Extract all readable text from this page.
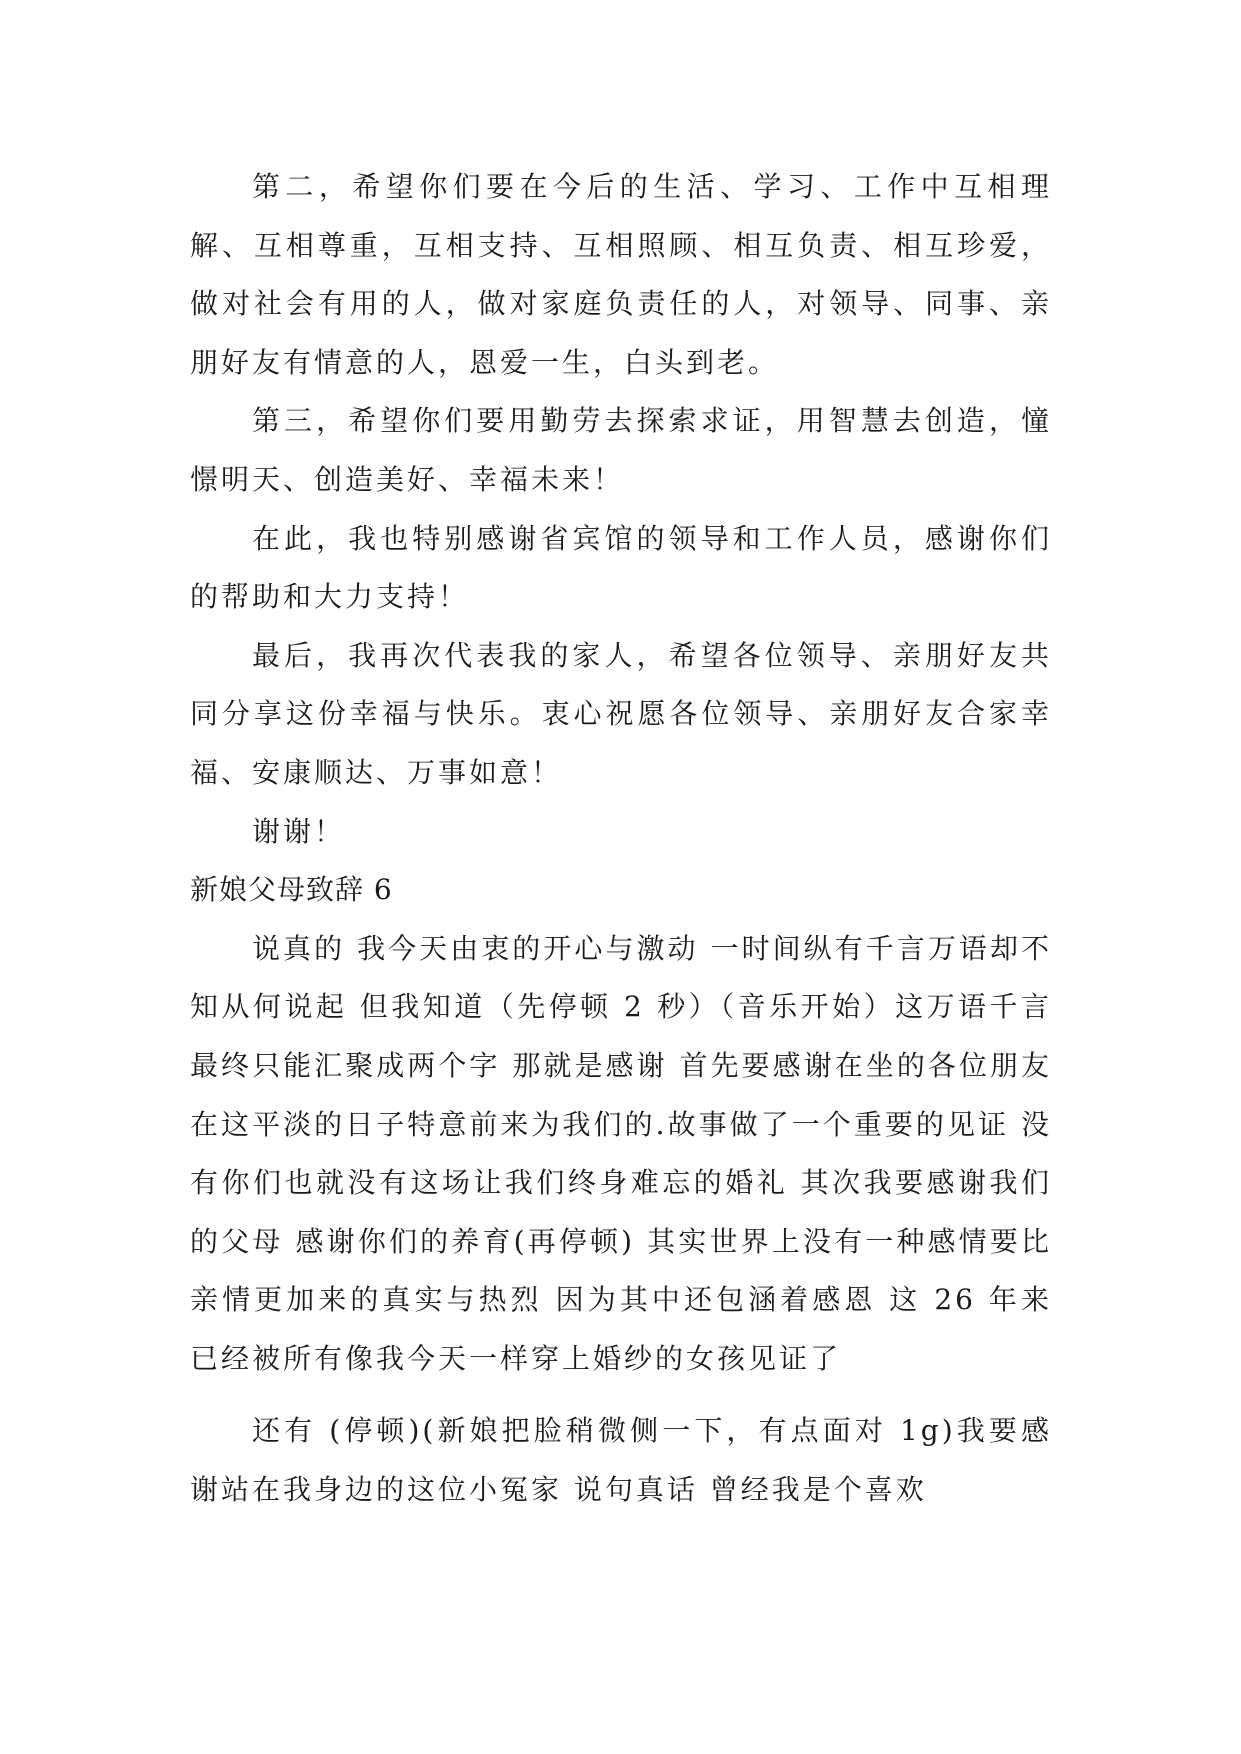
第二，希望你们要在今后的生活、学习、工作中互相理解、互相尊重，互相支持、互相照顾、相互负责、相互珍爱，做对社会有用的人，做对家庭负责任的人，对领导、同事、亲朋好友有情意的人，恩爱一生，白头到老。

第三，希望你们要用勤劳去探索求证，用智慧去创造，憧憬明天、创造美好、幸福未来！

在此，我也特别感谢省宾馆的领导和工作人员，感谢你们的帮助和大力支持！

最后，我再次代表我的家人，希望各位领导、亲朋好友共同分享这份幸福与快乐。衷心祝愿各位领导、亲朋好友合家幸福、安康顺达、万事如意！

谢谢！

新娘父母致辞 6

说真的 我今天由衷的开心与激动 一时间纵有千言万语却不知从何说起 但我知道（先停顿 2 秒）（音乐开始）这万语千言最终只能汇聚成两个字 那就是感谢 首先要感谢在坐的各位朋友在这平淡的日子特意前来为我们的.故事做了一个重要的见证 没有你们也就没有这场让我们终身难忘的婚礼 其次我要感谢我们的父母 感谢你们的养育(再停顿) 其实世界上没有一种感情要比亲情更加来的真实与热烈 因为其中还包涵着感恩 这 26 年来已经被所有像我今天一样穿上婚纱的女孩见证了

还有 (停顿)(新娘把脸稍微侧一下，有点面对 1g)我要感谢站在我身边的这位小冤家 说句真话 曾经我是个喜欢
